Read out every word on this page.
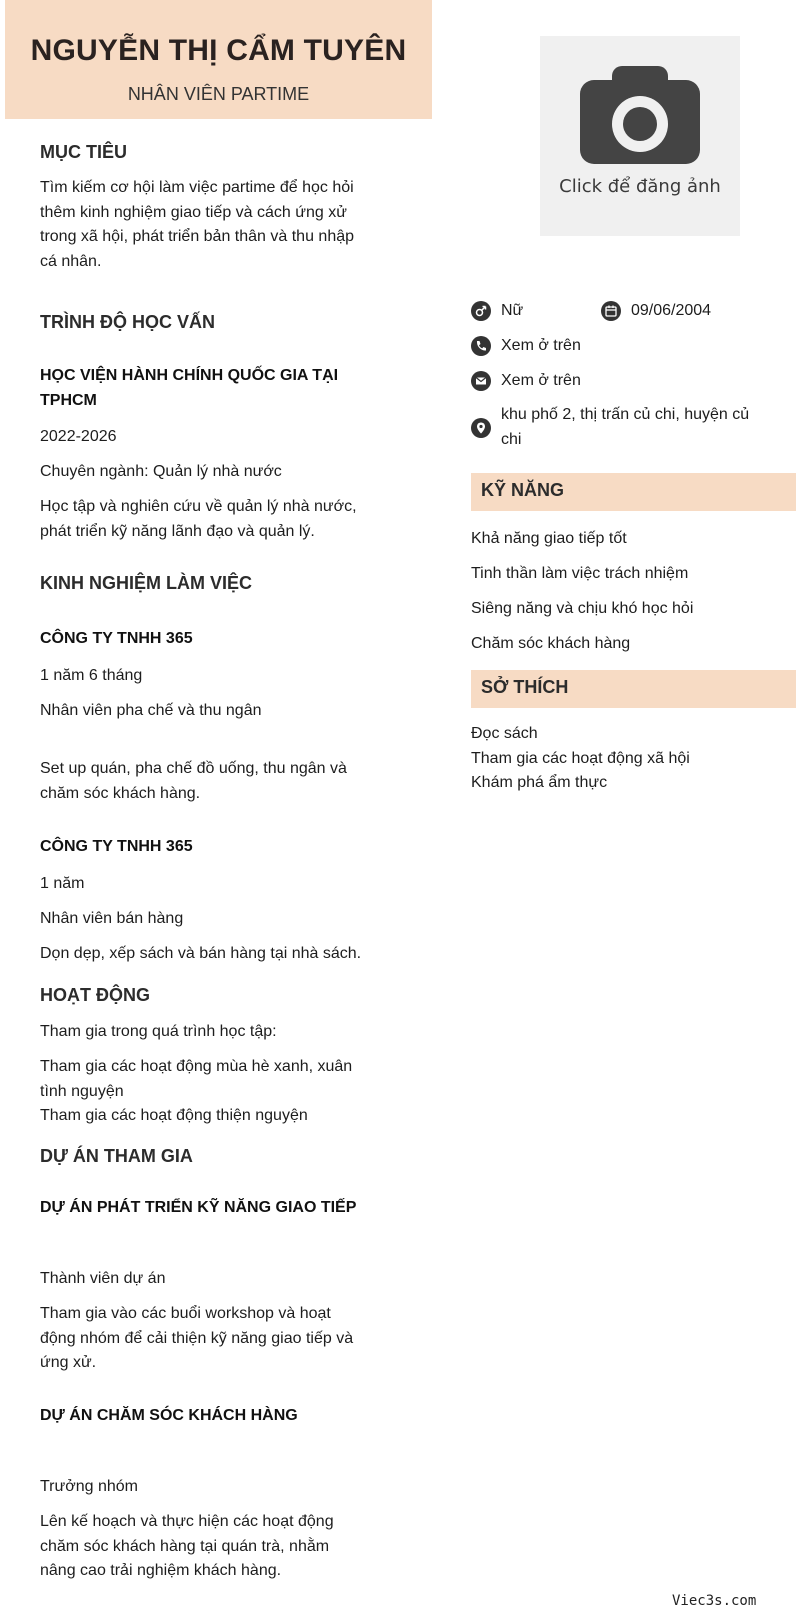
NGUYỄN THỊ CẨM TUYÊN
NHÂN VIÊN PARTIME
Click để đăng ảnh
MỤC TIÊU
Tìm kiếm cơ hội làm việc partime để học hỏi
thêm kinh nghiệm giao tiếp và cách ứng xử
trong xã hội, phát triển bản thân và thu nhập
cá nhân.
TRÌNH ĐỘ HỌC VẤN
HỌC VIỆN HÀNH CHÍNH QUỐC GIA TẠI
TPHCM
2022-2026
Chuyên ngành: Quản lý nhà nước
Học tập và nghiên cứu về quản lý nhà nước,
phát triển kỹ năng lãnh đạo và quản lý.
KINH NGHIỆM LÀM VIỆC
CÔNG TY TNHH 365
1 năm 6 tháng
Nhân viên pha chế và thu ngân
Set up quán, pha chế đồ uống, thu ngân và
chăm sóc khách hàng.
CÔNG TY TNHH 365
1 năm
Nhân viên bán hàng
Dọn dẹp, xếp sách và bán hàng tại nhà sách.
HOẠT ĐỘNG
Tham gia trong quá trình học tập:
Tham gia các hoạt động mùa hè xanh, xuân
tình nguyện
Tham gia các hoạt động thiện nguyện
DỰ ÁN THAM GIA
DỰ ÁN PHÁT TRIỂN KỸ NĂNG GIAO TIẾP
Thành viên dự án
Tham gia vào các buổi workshop và hoạt
động nhóm để cải thiện kỹ năng giao tiếp và
ứng xử.
DỰ ÁN CHĂM SÓC KHÁCH HÀNG
Trưởng nhóm
Lên kế hoạch và thực hiện các hoạt động
chăm sóc khách hàng tại quán trà, nhằm
nâng cao trải nghiệm khách hàng.
Nữ	09/06/2004
Xem ở trên
Xem ở trên
khu phố 2, thị trấn củ chi, huyện củ
chi
KỸ NĂNG
Khả năng giao tiếp tốt
Tinh thần làm việc trách nhiệm
Siêng năng và chịu khó học hỏi
Chăm sóc khách hàng
SỞ THÍCH
Đọc sách
Tham gia các hoạt động xã hội
Khám phá ẩm thực
Viec3s.com
